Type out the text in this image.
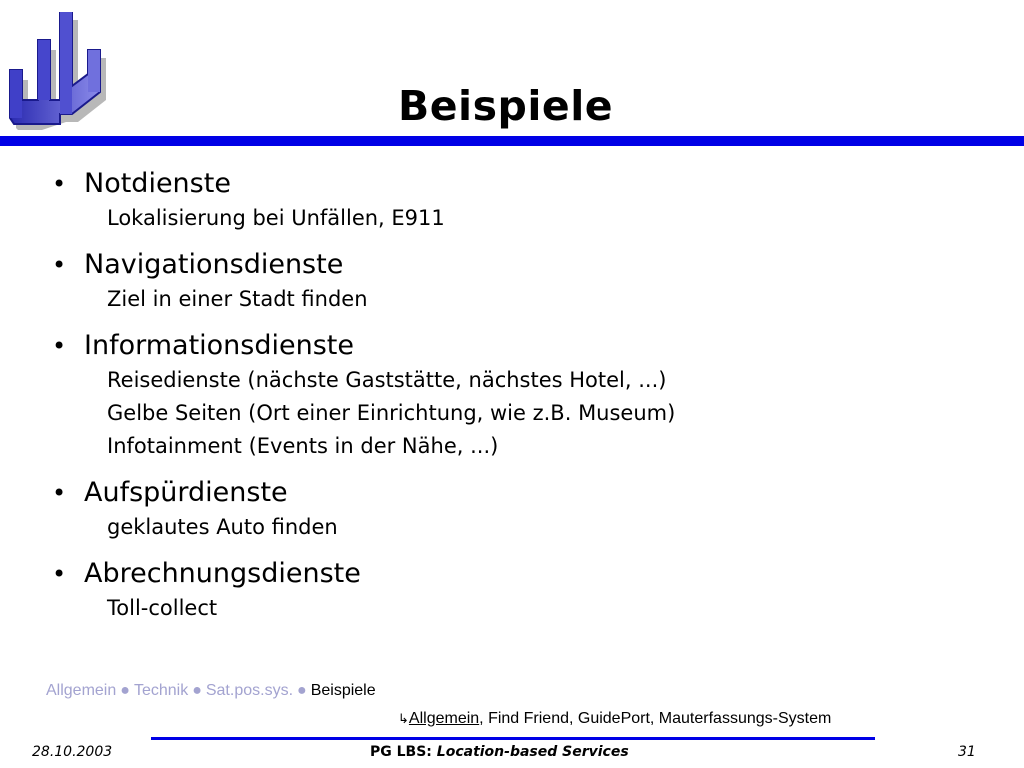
Beispiele
• Notdienste
Lokalisierung bei Unfällen, E911
• Navigationsdienste
Ziel in einer Stadt finden
• Informationsdienste
Reisedienste (nächste Gaststätte, nächstes Hotel, ...)
Gelbe Seiten (Ort einer Einrichtung, wie z.B. Museum)
Infotainment (Events in der Nähe, ...)
• Aufspürdienste
geklautes Auto finden
• Abrechnungsdienste
Toll-collect
Allgemein ● Technik ● Sat.pos.sys. ● Beispiele
↳Allgemein, Find Friend, GuidePort, Mauterfassungs-System
28.10.2003	PG LBS: Location-based Services	31
